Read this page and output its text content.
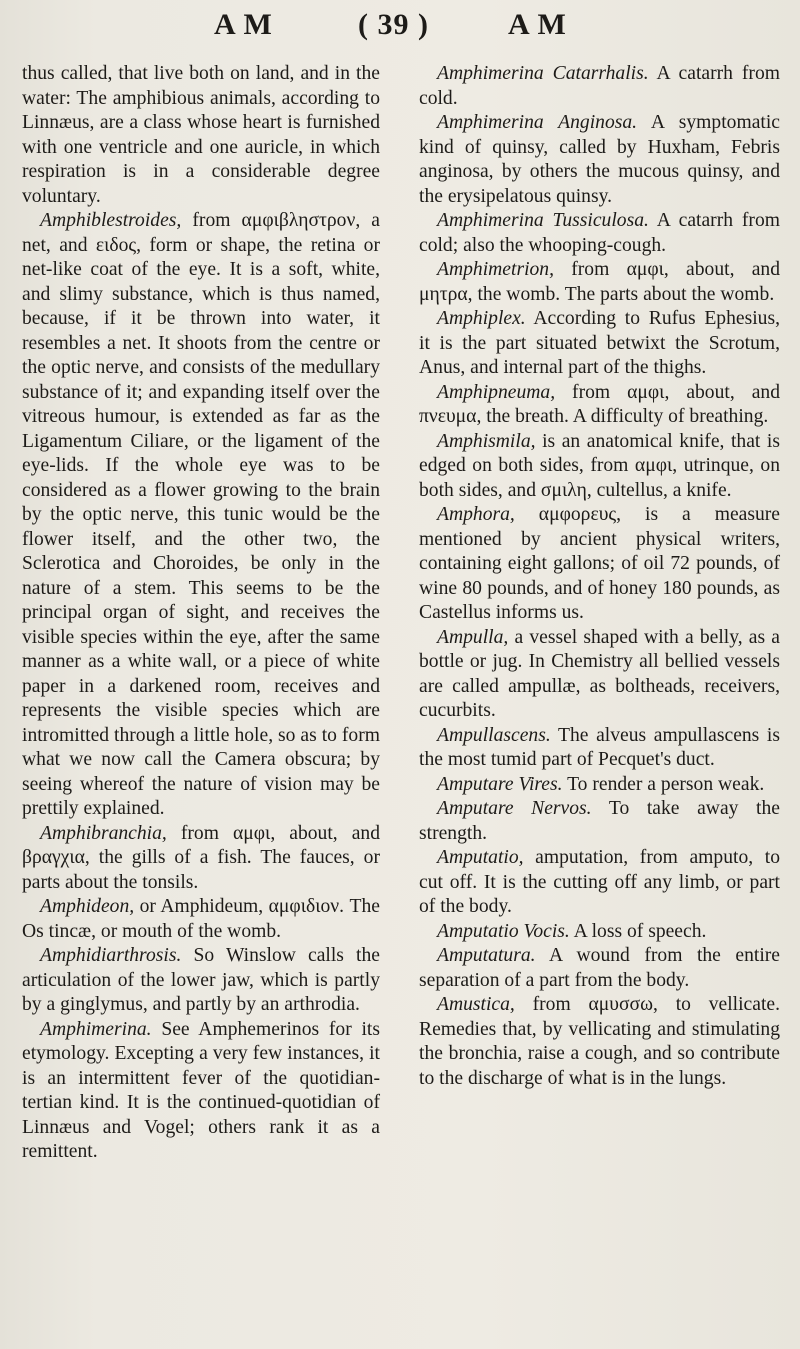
A M	( 39 )	A M

thus called, that live both on land, and in the water: The amphibious animals, according to Linnæus, are a class whose heart is furnished with one ventricle and one auricle, in which respiration is in a considerable degree voluntary.

Amphiblestroides, from αμφιβληστρον, a net, and ειδος, form or shape, the retina or net-like coat of the eye. It is a soft, white, and slimy substance, which is thus named, because, if it be thrown into water, it resembles a net. It shoots from the centre or the optic nerve, and consists of the medullary substance of it; and expanding itself over the vitreous humour, is extended as far as the Ligamentum Ciliare, or the ligament of the eye-lids. If the whole eye was to be considered as a flower growing to the brain by the optic nerve, this tunic would be the flower itself, and the other two, the Sclerotica and Choroides, be only in the nature of a stem. This seems to be the principal organ of sight, and receives the visible species within the eye, after the same manner as a white wall, or a piece of white paper in a darkened room, receives and represents the visible species which are intromitted through a little hole, so as to form what we now call the Camera obscura; by seeing whereof the nature of vision may be prettily explained.

Amphibranchia, from αμφι, about, and βραγχια, the gills of a fish. The fauces, or parts about the tonsils.

Amphideon, or Amphideum, αμφιδιον. The Os tincæ, or mouth of the womb.

Amphidiarthrosis. So Winslow calls the articulation of the lower jaw, which is partly by a ginglymus, and partly by an arthrodia.

Amphimerina. See Amphemerinos for its etymology. Excepting a very few instances, it is an intermittent fever of the quotidian-tertian kind. It is the continued-quotidian of Linnæus and Vogel; others rank it as a remittent.

Amphimerina Catarrhalis. A catarrh from cold.

Amphimerina Anginosa. A symptomatic kind of quinsy, called by Huxham, Febris anginosa, by others the mucous quinsy, and the erysipelatous quinsy.

Amphimerina Tussiculosa. A catarrh from cold; also the whooping-cough.

Amphimetrion, from αμφι, about, and μητρα, the womb. The parts about the womb.

Amphiplex. According to Rufus Ephesius, it is the part situated betwixt the Scrotum, Anus, and internal part of the thighs.

Amphipneuma, from αμφι, about, and πνευμα, the breath. A difficulty of breathing.

Amphismila, is an anatomical knife, that is edged on both sides, from αμφι, utrinque, on both sides, and σμιλη, cultellus, a knife.

Amphora, αμφορευς, is a measure mentioned by ancient physical writers, containing eight gallons; of oil 72 pounds, of wine 80 pounds, and of honey 180 pounds, as Castellus informs us.

Ampulla, a vessel shaped with a belly, as a bottle or jug. In Chemistry all bellied vessels are called ampullæ, as boltheads, receivers, cucurbits.

Ampullascens. The alveus ampullascens is the most tumid part of Pecquet's duct.

Amputare Vires. To render a person weak.

Amputare Nervos. To take away the strength.

Amputatio, amputation, from amputo, to cut off. It is the cutting off any limb, or part of the body.

Amputatio Vocis. A loss of speech.

Amputatura. A wound from the entire separation of a part from the body.

Amustica, from αμυσσω, to vellicate. Remedies that, by vellicating and stimulating the bronchia, raise a cough, and so contribute to the discharge of what is in the lungs.
